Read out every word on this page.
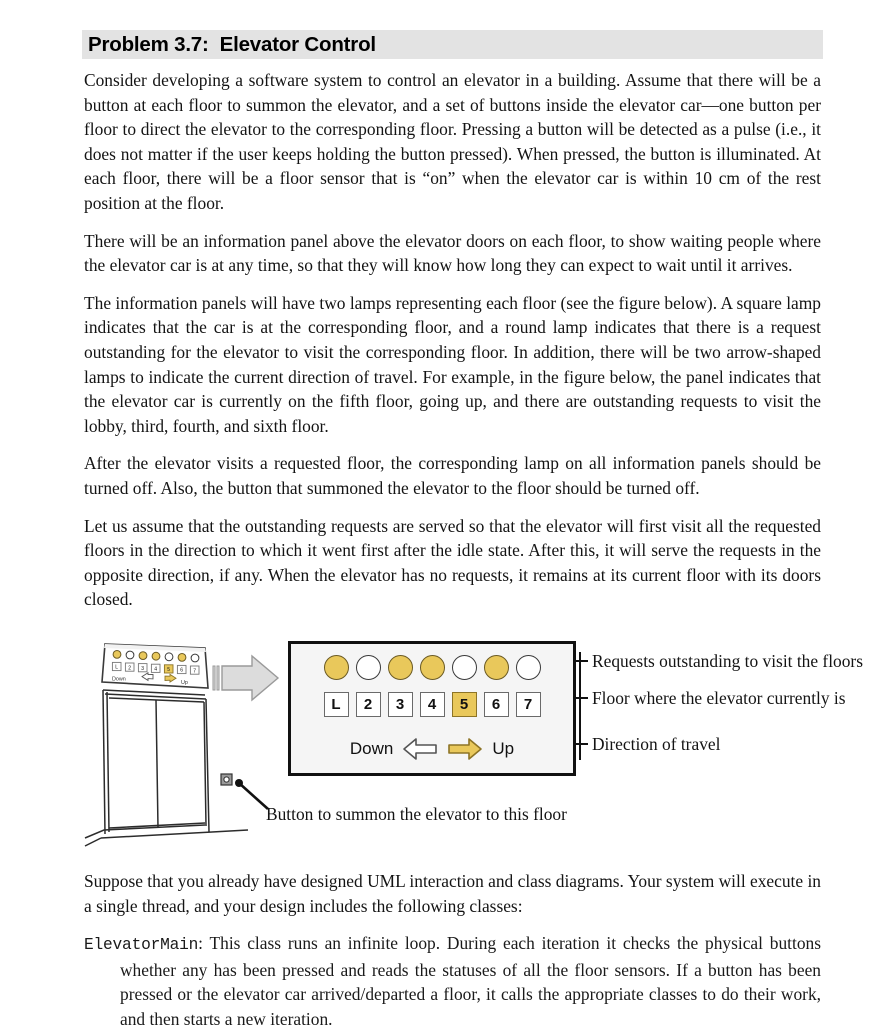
Problem 3.7:  Elevator Control

Consider developing a software system to control an elevator in a building. Assume that there will be a button at each floor to summon the elevator, and a set of buttons inside the elevator car—one button per floor to direct the elevator to the corresponding floor. Pressing a button will be detected as a pulse (i.e., it does not matter if the user keeps holding the button pressed). When pressed, the button is illuminated. At each floor, there will be a floor sensor that is “on” when the elevator car is within 10 cm of the rest position at the floor.

There will be an information panel above the elevator doors on each floor, to show waiting people where the elevator car is at any time, so that they will know how long they can expect to wait until it arrives.

The information panels will have two lamps representing each floor (see the figure below). A square lamp indicates that the car is at the corresponding floor, and a round lamp indicates that there is a request outstanding for the elevator to visit the corresponding floor. In addition, there will be two arrow-shaped lamps to indicate the current direction of travel. For example, in the figure below, the panel indicates that the elevator car is currently on the fifth floor, going up, and there are outstanding requests to visit the lobby, third, fourth, and sixth floor.

After the elevator visits a requested floor, the corresponding lamp on all information panels should be turned off. Also, the button that summoned the elevator to the floor should be turned off.

Let us assume that the outstanding requests are served so that the elevator will first visit all the requested floors in the direction to which it went first after the idle state. After this, it will serve the requests in the opposite direction, if any. When the elevator has no requests, it remains at its current floor with its doors closed.

L 2 3 4 5 6 7
Down
Up
L	2	3	4	5	6	7
Down	Up
Requests outstanding to visit the floors
Floor where the elevator currently is
Direction of travel
Button to summon the elevator to this floor

Suppose that you already have designed UML interaction and class diagrams. Your system will execute in a single thread, and your design includes the following classes:

ElevatorMain: This class runs an infinite loop. During each iteration it checks the physical buttons whether any has been pressed and reads the statuses of all the floor sensors. If a button has been pressed or the elevator car arrived/departed a floor, it calls the appropriate classes to do their work, and then starts a new iteration.
